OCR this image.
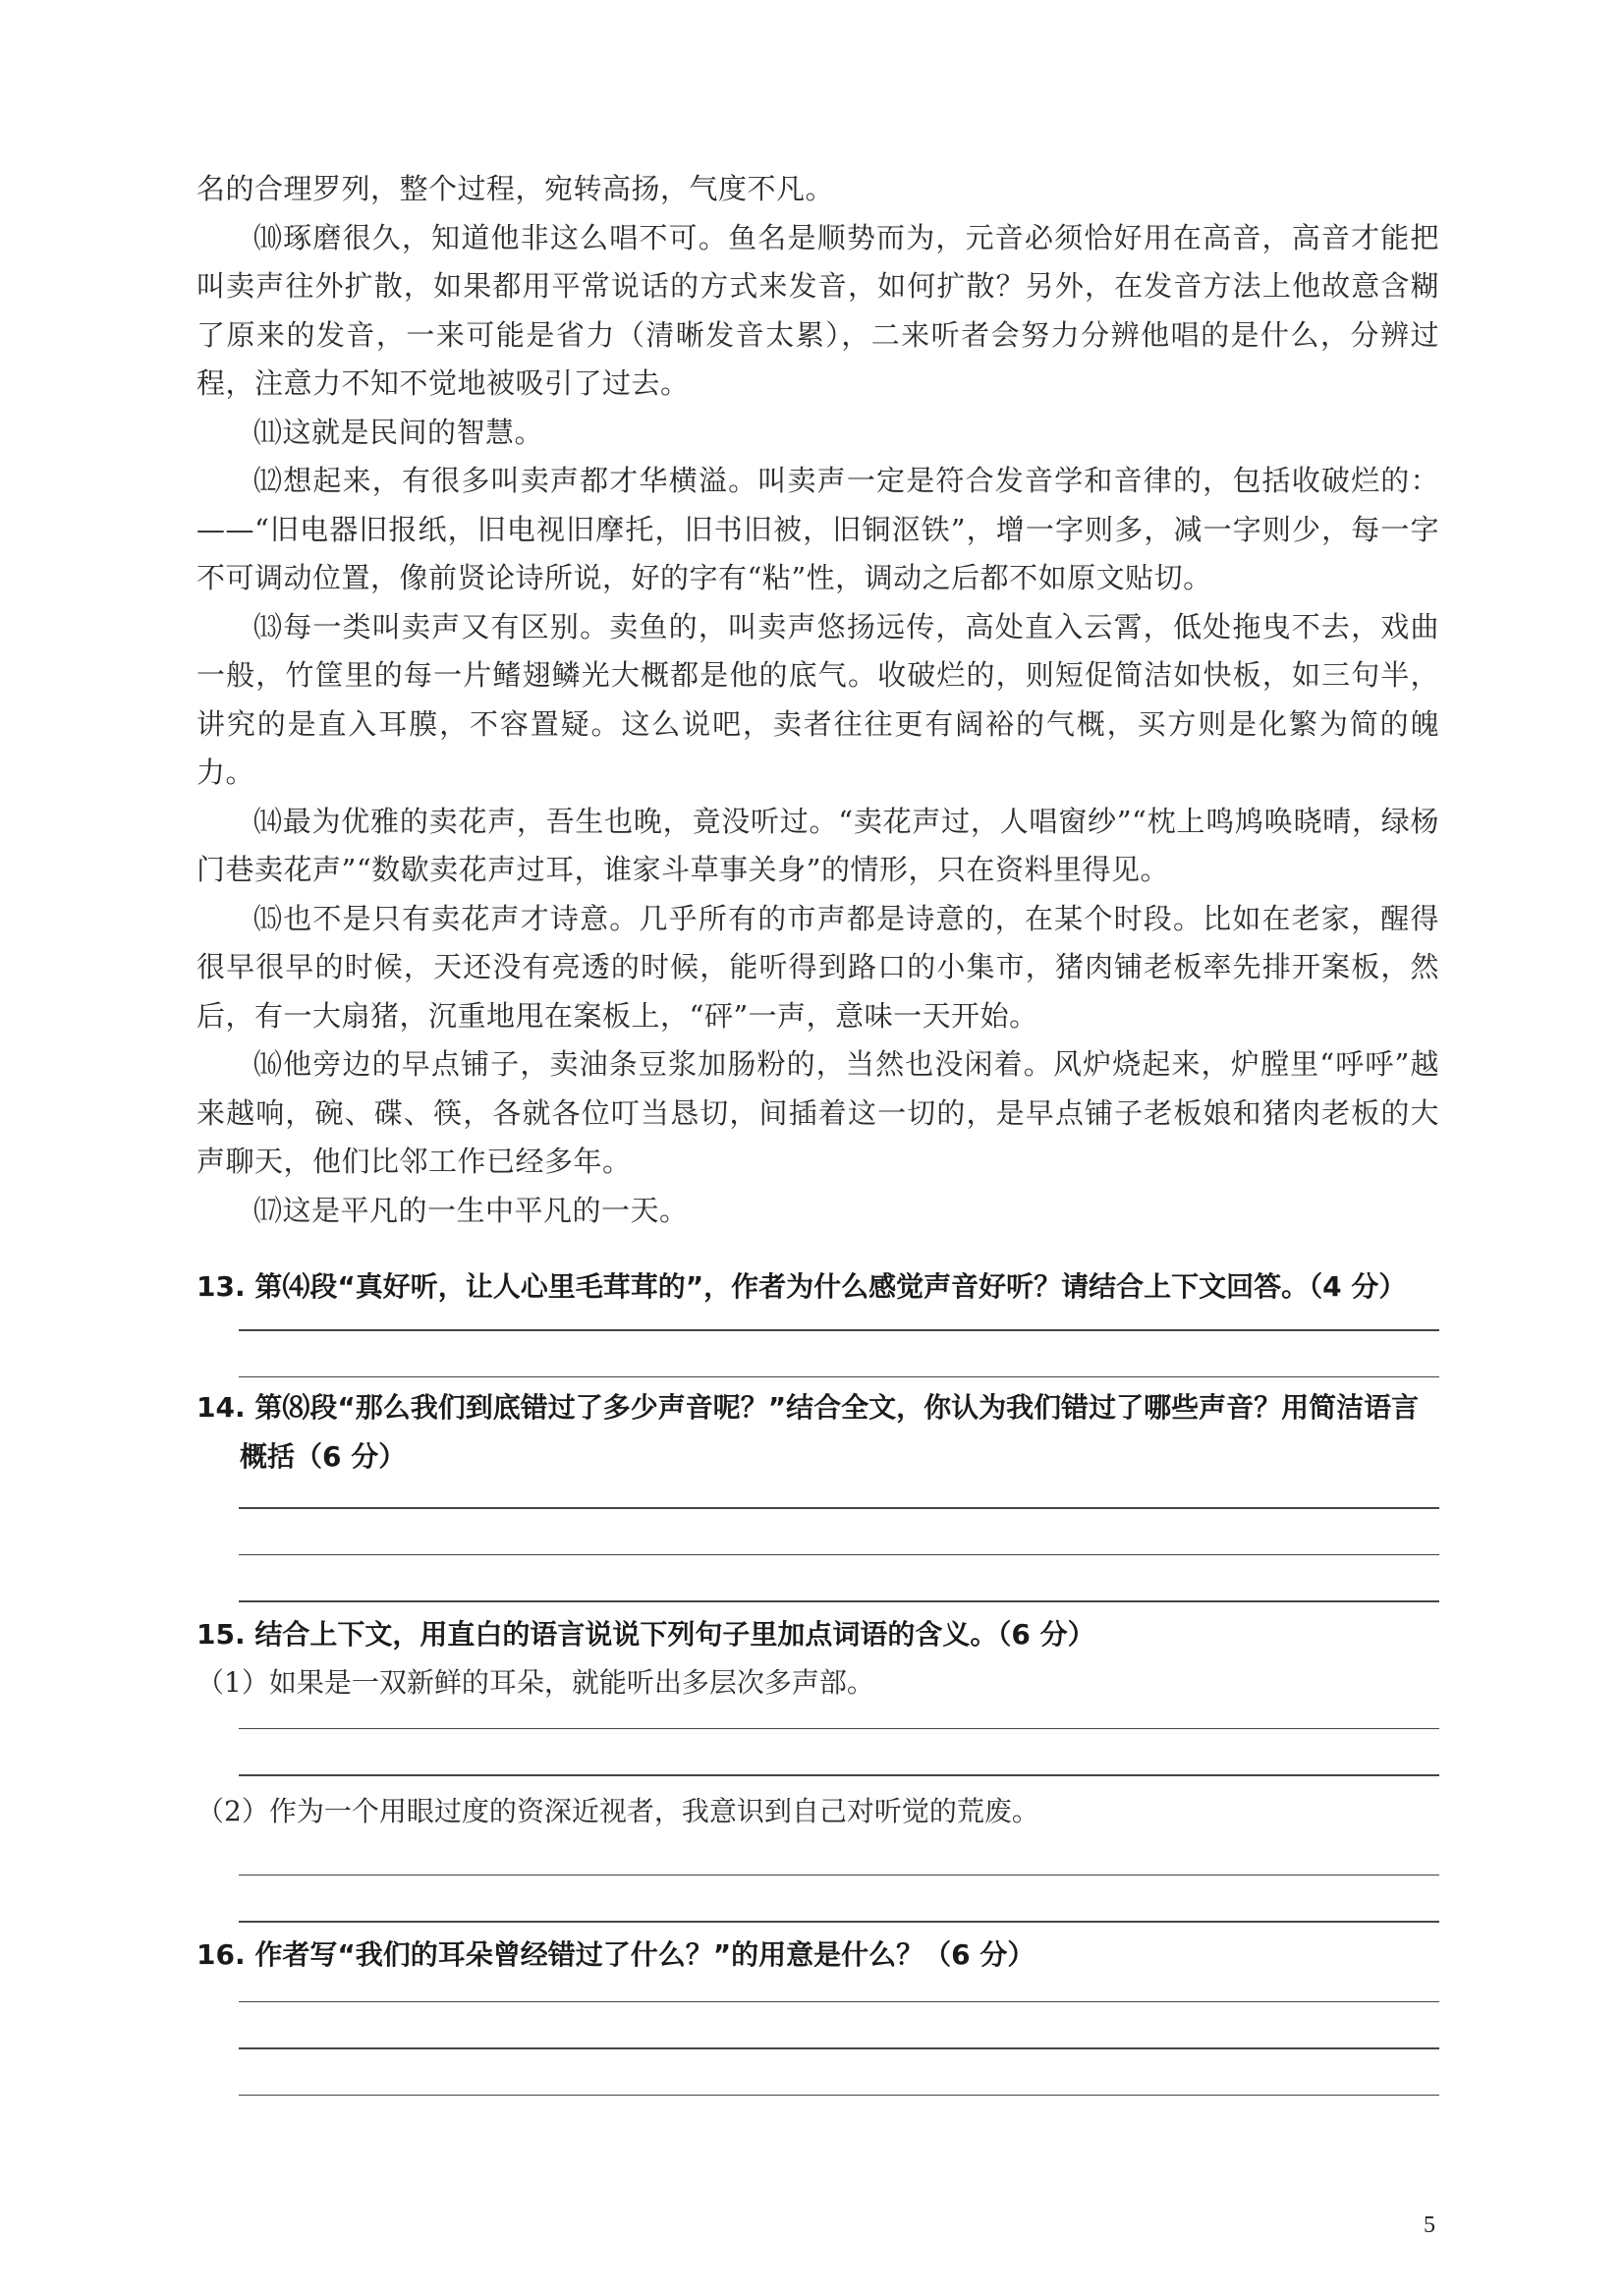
名的合理罗列，整个过程，宛转高扬，气度不凡。

⑽琢磨很久，知道他非这么唱不可。鱼名是顺势而为，元音必须恰好用在高音，高音才能把叫卖声往外扩散，如果都用平常说话的方式来发音，如何扩散？另外，在发音方法上他故意含糊了原来的发音，一来可能是省力（清晰发音太累），二来听者会努力分辨他唱的是什么，分辨过程，注意力不知不觉地被吸引了过去。

⑾这就是民间的智慧。

⑿想起来，有很多叫卖声都才华横溢。叫卖声一定是符合发音学和音律的，包括收破烂的：——“旧电器旧报纸，旧电视旧摩托，旧书旧被，旧铜沤铁”，增一字则多，减一字则少，每一字不可调动位置，像前贤论诗所说，好的字有“粘”性，调动之后都不如原文贴切。

⒀每一类叫卖声又有区别。卖鱼的，叫卖声悠扬远传，高处直入云霄，低处拖曳不去，戏曲一般，竹筐里的每一片鳍翅鳞光大概都是他的底气。收破烂的，则短促简洁如快板，如三句半，讲究的是直入耳膜，不容置疑。这么说吧，卖者往往更有阔裕的气概，买方则是化繁为简的魄力。

⒁最为优雅的卖花声，吾生也晚，竟没听过。“卖花声过，人唱窗纱”“枕上鸣鸠唤晓晴，绿杨门巷卖花声”“数歇卖花声过耳，谁家斗草事关身”的情形，只在资料里得见。

⒂也不是只有卖花声才诗意。几乎所有的市声都是诗意的，在某个时段。比如在老家，醒得很早很早的时候，天还没有亮透的时候，能听得到路口的小集市，猪肉铺老板率先排开案板，然后，有一大扇猪，沉重地甩在案板上，“砰”一声，意味一天开始。

⒃他旁边的早点铺子，卖油条豆浆加肠粉的，当然也没闲着。风炉烧起来，炉膛里“呼呼”越来越响，碗、碟、筷，各就各位叮当恳切，间插着这一切的，是早点铺子老板娘和猪肉老板的大声聊天，他们比邻工作已经多年。

⒄这是平凡的一生中平凡的一天。

13. 第⑷段“真好听，让人心里毛茸茸的”，作者为什么感觉声音好听？请结合上下文回答。（4 分）

14. 第⑻段“那么我们到底错过了多少声音呢？”结合全文，你认为我们错过了哪些声音？用简洁语言概括（6 分）

15. 结合上下文，用直白的语言说说下列句子里加点词语的含义。（6 分）

（1）如果是一双新鲜的耳朵，就能听出多层次多声部。

（2）作为一个用眼过度的资深近视者，我意识到自己对听觉的荒废。

16. 作者写“我们的耳朵曾经错过了什么？”的用意是什么？（6 分）

5
